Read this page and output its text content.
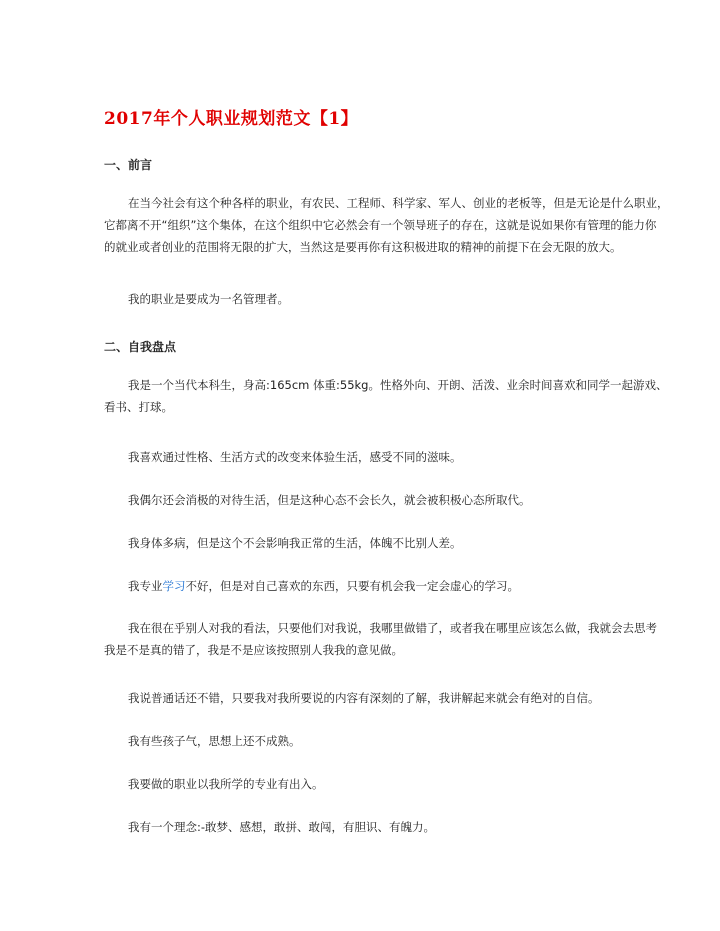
2017年个人职业规划范文【1】
一、前言
在当今社会有这个种各样的职业，有农民、工程师、科学家、军人、创业的老板等，但是无论是什么职业，
它都离不开“组织”这个集体，在这个组织中它必然会有一个领导班子的存在，这就是说如果你有管理的能力你
的就业或者创业的范围将无限的扩大，当然这是要再你有这积极进取的精神的前提下在会无限的放大。
我的职业是要成为一名管理者。
二、自我盘点
我是一个当代本科生，身高:165cm 体重:55kg。性格外向、开朗、活泼、业余时间喜欢和同学一起游戏、
看书、打球。
我喜欢通过性格、生活方式的改变来体验生活，感受不同的滋味。
我偶尔还会消极的对待生活，但是这种心态不会长久，就会被积极心态所取代。
我身体多病，但是这个不会影响我正常的生活，体魄不比别人差。
我专业学习不好，但是对自己喜欢的东西，只要有机会我一定会虚心的学习。
我在很在乎别人对我的看法，只要他们对我说，我哪里做错了，或者我在哪里应该怎么做，我就会去思考
我是不是真的错了，我是不是应该按照别人我我的意见做。
我说普通话还不错，只要我对我所要说的内容有深刻的了解，我讲解起来就会有绝对的自信。
我有些孩子气，思想上还不成熟。
我要做的职业以我所学的专业有出入。
我有一个理念:-敢梦、感想，敢拼、敢闯，有胆识、有魄力。
